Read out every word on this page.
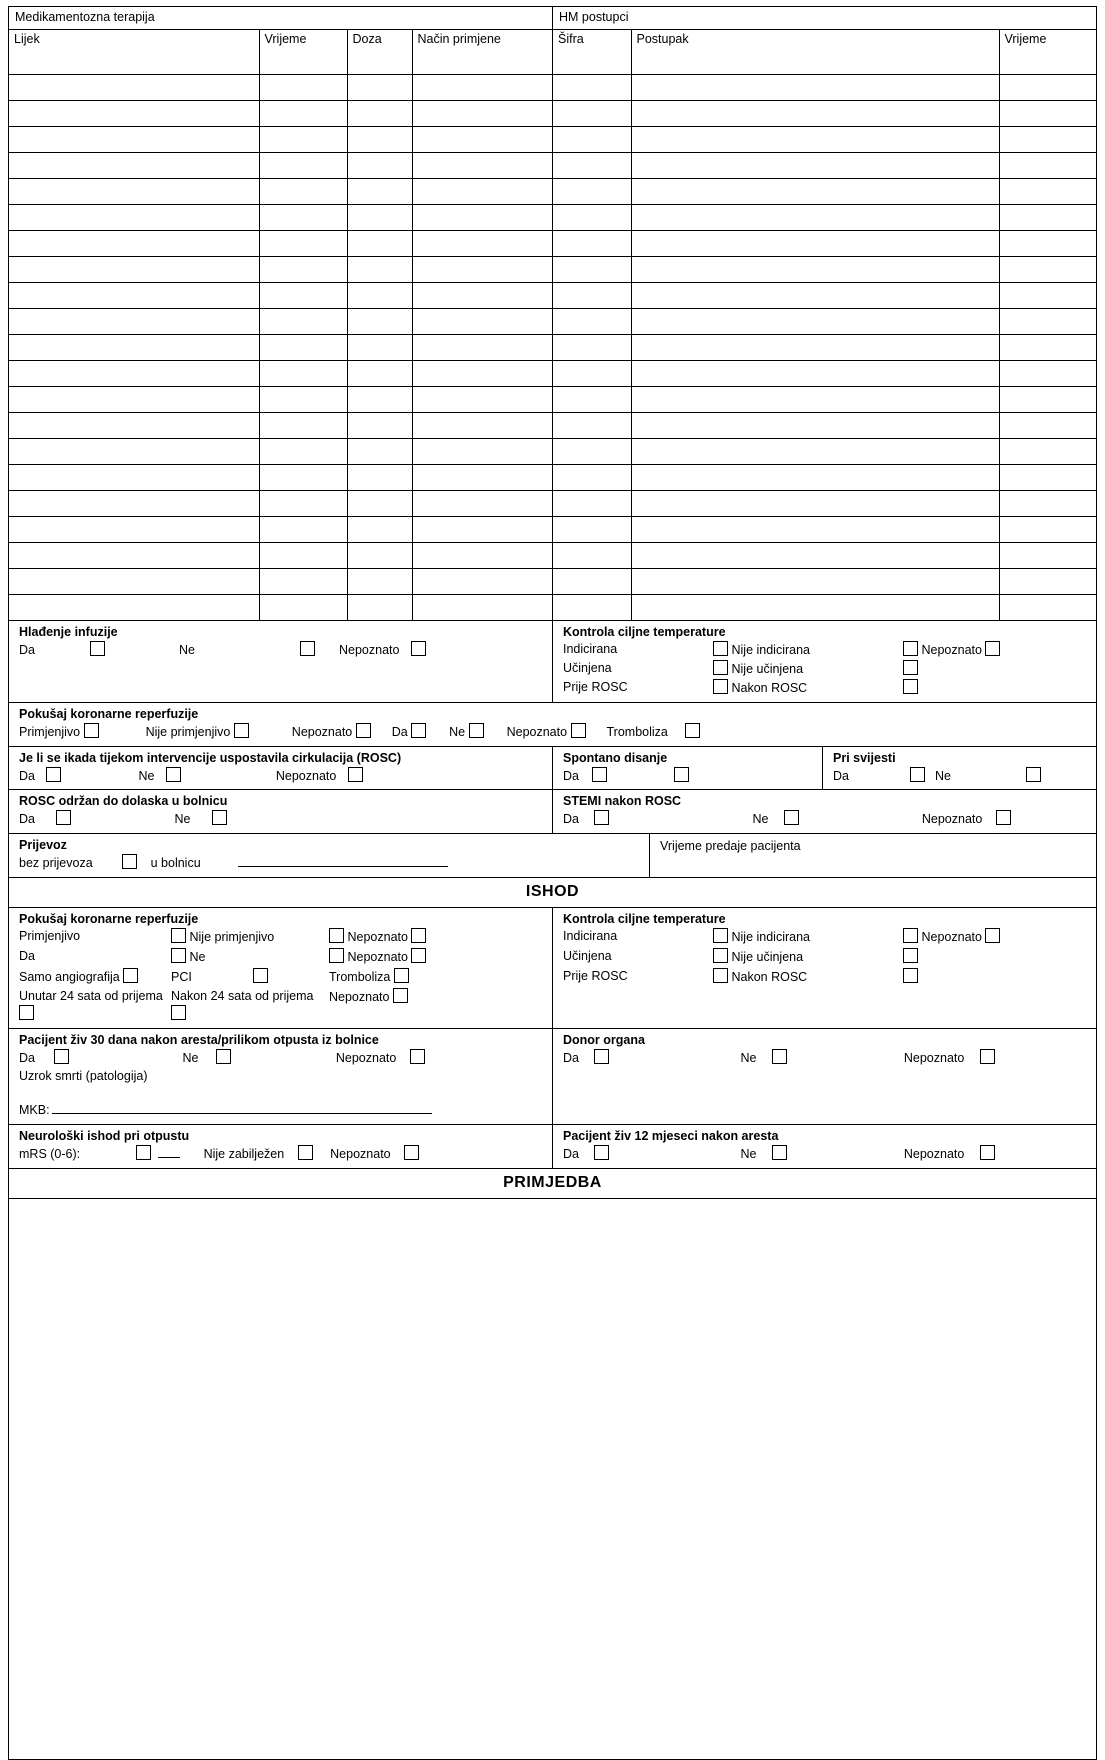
Medikamentozna terapija
Lijek	Vrijeme	Doza	Način primjene

HM postupci
Šifra	Postupak	Vrijeme

Hlađenje infuzije
Da	Ne	Nepoznato
Kontrola ciljne temperature
Indicirana	Nije indicirana	Nepoznato
Učinjena	Nije učinjena
Prije ROSC	Nakon ROSC
Pokušaj koronarne reperfuzije
Primjenjivo	Nije primjenjivo	Nepoznato	Da	Ne	Nepoznato	Tromboliza
Je li se ikada tijekom intervencije uspostavila cirkulacija (ROSC)
Da	Ne	Nepoznato
Spontano disanje
Da
Pri svijesti
Da	Ne
ROSC održan do dolaska u bolnicu
Da	Ne
STEMI nakon ROSC
Da	Ne	Nepoznato
Prijevoz
bez prijevoza	u bolnicu
Vrijeme predaje pacijenta
ISHOD
Pokušaj koronarne reperfuzije
Primjenjivo	Nije primjenjivo	Nepoznato
Da	Ne	Nepoznato
Samo angiografija	PCI	Tromboliza
Unutar 24 sata od prijema Nakon 24 sata od prijema	Nepoznato
Kontrola ciljne temperature
Indicirana	Nije indicirana	Nepoznato
Učinjena	Nije učinjena
Prije ROSC	Nakon ROSC
Pacijent živ 30 dana nakon aresta/prilikom otpusta iz bolnice
Da	Ne	Nepoznato
Uzrok smrti (patologija)
MKB:
Donor organa
Da	Ne	Nepoznato
Neurološki ishod pri otpustu
mRS (0-6):	Nije zabilježen	Nepoznato
Pacijent živ 12 mjeseci nakon aresta
Da	Ne	Nepoznato
PRIMJEDBA
